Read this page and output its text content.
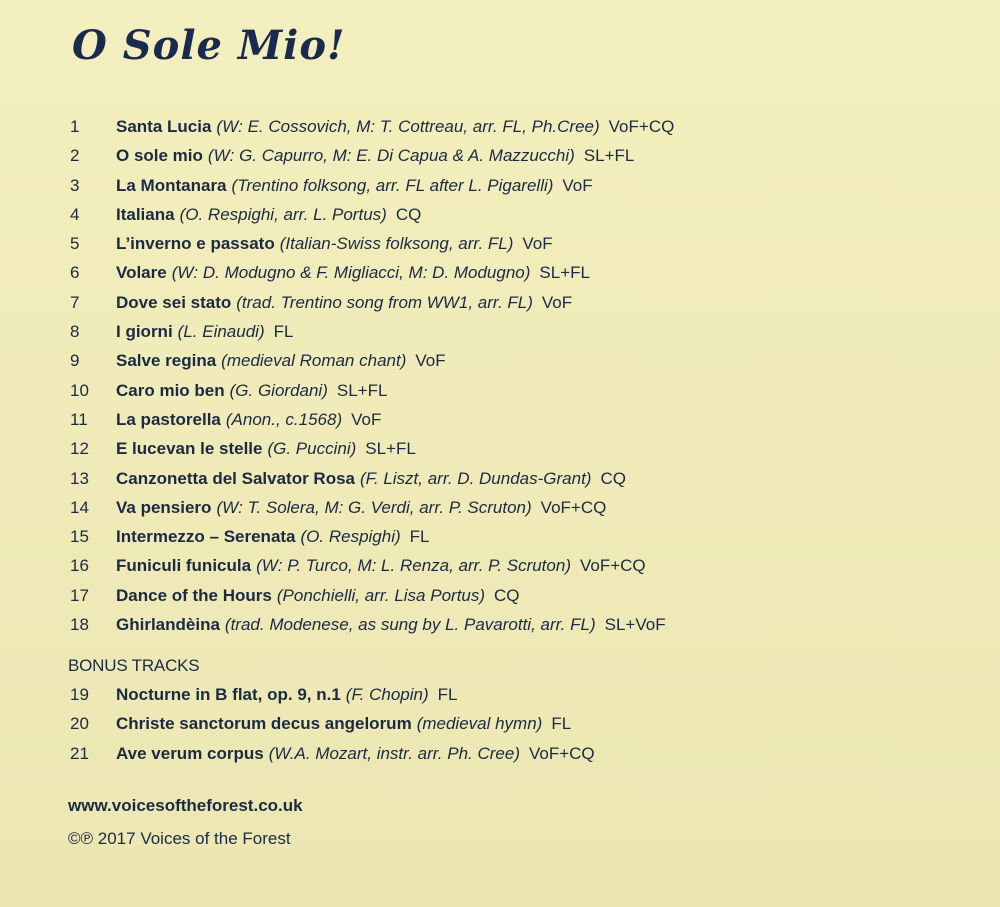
O Sole Mio!
1	Santa Lucia (W: E. Cossovich, M: T. Cottreau, arr. FL, Ph.Cree) VoF+CQ
2	O sole mio (W: G. Capurro, M: E. Di Capua & A. Mazzucchi) SL+FL
3	La Montanara (Trentino folksong, arr. FL after L. Pigarelli) VoF
4	Italiana (O. Respighi, arr. L. Portus) CQ
5	L’inverno e passato (Italian-Swiss folksong, arr. FL) VoF
6	Volare (W: D. Modugno & F. Migliacci, M: D. Modugno) SL+FL
7	Dove sei stato (trad. Trentino song from WW1, arr. FL) VoF
8	I giorni (L. Einaudi) FL
9	Salve regina (medieval Roman chant) VoF
10	Caro mio ben (G. Giordani) SL+FL
11	La pastorella (Anon., c.1568) VoF
12	E lucevan le stelle (G. Puccini) SL+FL
13	Canzonetta del Salvator Rosa (F. Liszt, arr. D. Dundas-Grant) CQ
14	Va pensiero (W: T. Solera, M: G. Verdi, arr. P. Scruton) VoF+CQ
15	Intermezzo – Serenata (O. Respighi) FL
16	Funiculi funicula (W: P. Turco, M: L. Renza, arr. P. Scruton) VoF+CQ
17	Dance of the Hours (Ponchielli, arr. Lisa Portus) CQ
18	Ghirlandèina (trad. Modenese, as sung by L. Pavarotti, arr. FL) SL+VoF
BONUS TRACKS
19	Nocturne in B flat, op. 9, n.1 (F. Chopin) FL
20	Christe sanctorum decus angelorum (medieval hymn) FL
21	Ave verum corpus (W.A. Mozart, instr. arr. Ph. Cree) VoF+CQ
www.voicesoftheforest.co.uk
©℗ 2017 Voices of the Forest
